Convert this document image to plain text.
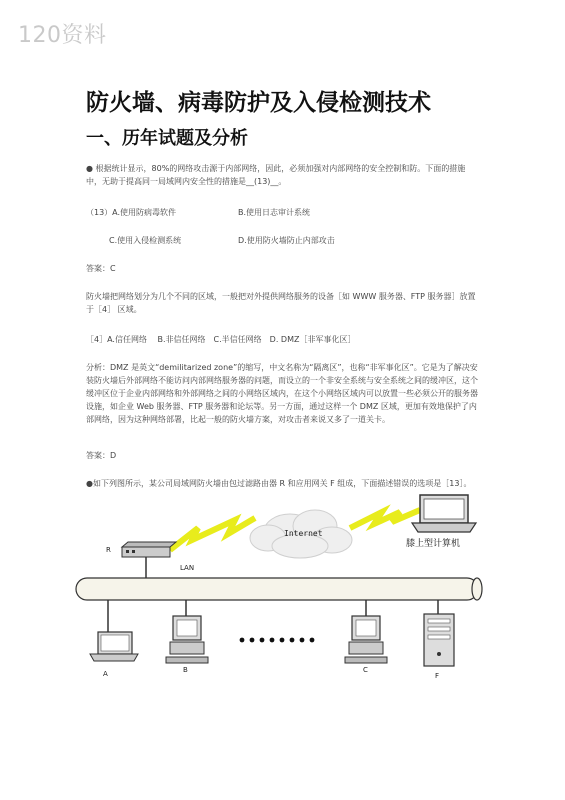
120资料
防火墙、病毒防护及入侵检测技术
一、历年试题及分析
● 根据统计显示，80%的网络攻击源于内部网络，因此，必须加强对内部网络的安全控制和防。下面的措施中，无助于提高同一局域网内安全性的措施是__(13)__。
（13）A.使用防病毒软件	B.使用日志审计系统
C.使用入侵检测系统	D.使用防火墙防止内部攻击
答案：C
防火墙把网络划分为几个不同的区域，一般把对外提供网络服务的设备［如 WWW 服务器、FTP 服务器］放置于［4］ 区域。
［4］A.信任网络　 B.非信任网络　C.半信任网络　D. DMZ［非军事化区］
分析：DMZ 是英文“demilitarized zone”的缩写，中文名称为“隔离区”，也称“非军事化区”。它是为了解决安装防火墙后外部网络不能访问内部网络服务器的问题，而设立的一个非安全系统与安全系统之间的缓冲区，这个缓冲区位于企业内部网络和外部网络之间的小网络区域内，在这个小网络区域内可以放置一些必须公开的服务器设施，如企业 Web 服务器、FTP 服务器和论坛等。另一方面，通过这样一个 DMZ 区域，更加有效地保护了内部网络，因为这种网络部署，比起一般的防火墙方案，对攻击者来说又多了一道关卡。
答案：D
●如下列图所示，某公司局域网防火墙由包过滤路由器 R 和应用网关 F 组成，下面描述错误的选项是［13］。
Internet
膝上型计算机
R
LAN
A	B	C
F
